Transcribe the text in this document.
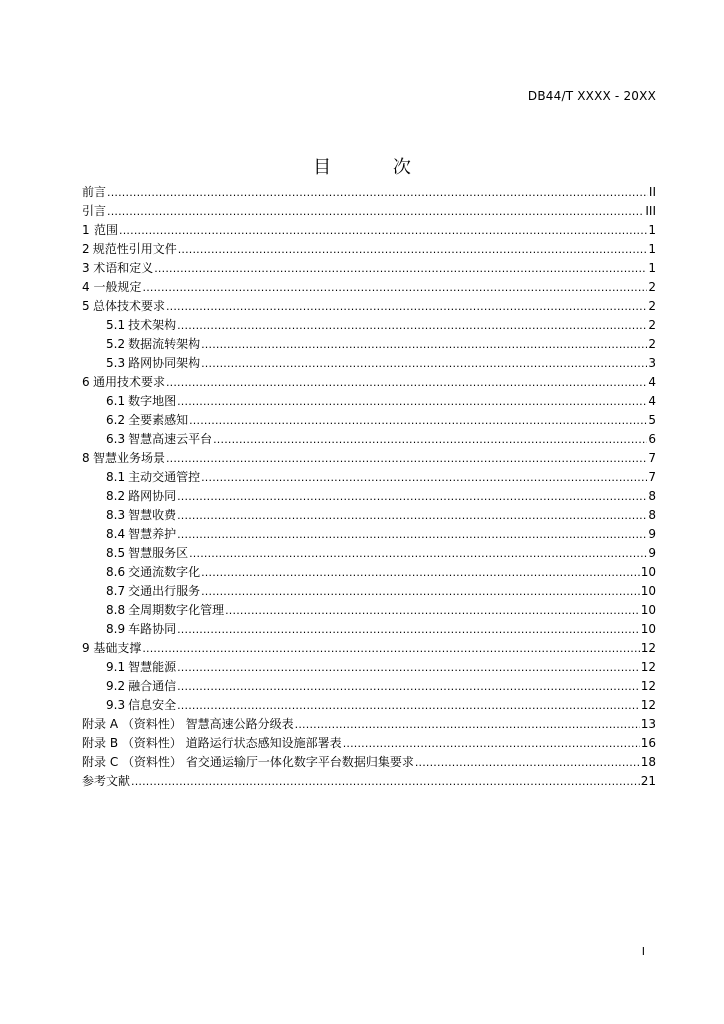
DB44/T XXXX - 20XX
目 次
前言 .....	II
引言 .....	III
1 范围 .....	1
2 规范性引用文件 .....	1
3 术语和定义 .....	1
4 一般规定 .....	2
5 总体技术要求 .....	2
5.1 技术架构 .....	2
5.2 数据流转架构 .....	2
5.3 路网协同架构 .....	3
6 通用技术要求 .....	4
6.1 数字地图 .....	4
6.2 全要素感知 .....	5
6.3 智慧高速云平台 .....	6
8 智慧业务场景 .....	7
8.1 主动交通管控 .....	7
8.2 路网协同 .....	8
8.3 智慧收费 .....	8
8.4 智慧养护 .....	9
8.5 智慧服务区 .....	9
8.6 交通流数字化 .....	10
8.7 交通出行服务 .....	10
8.8 全周期数字化管理 .....	10
8.9 车路协同 .....	10
9 基础支撑 .....	12
9.1 智慧能源 .....	12
9.2 融合通信 .....	12
9.3 信息安全 .....	12
附录 A （资料性） 智慧高速公路分级表 .....	13
附录 B （资料性） 道路运行状态感知设施部署表 .....	16
附录 C （资料性） 省交通运输厅一体化数字平台数据归集要求 .....	18
参考文献 .....	21
I
